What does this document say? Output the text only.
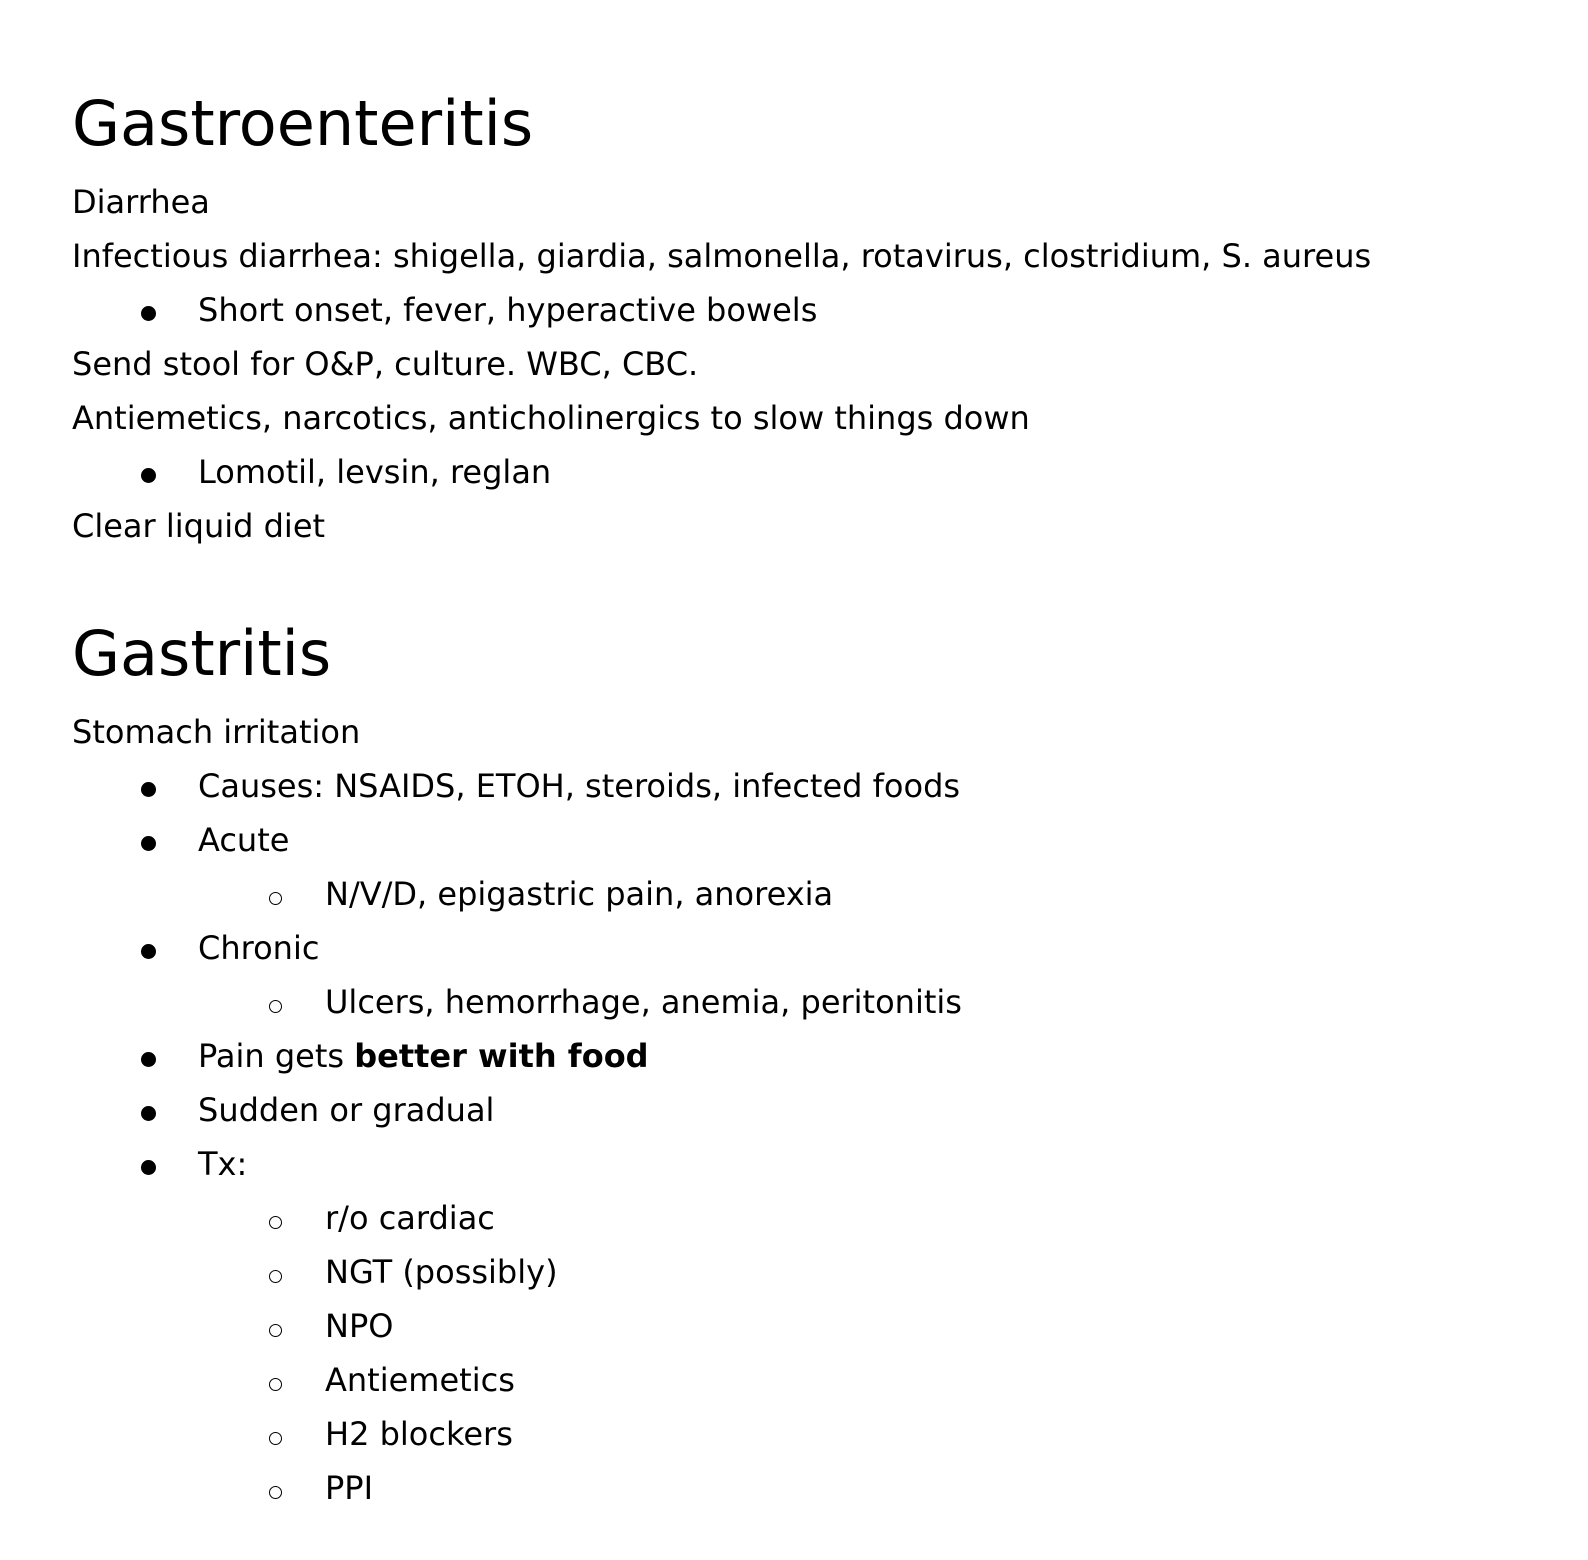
Gastroenteritis
Diarrhea
Infectious diarrhea: shigella, giardia, salmonella, rotavirus, clostridium, S. aureus
Short onset, fever, hyperactive bowels
Send stool for O&P, culture. WBC, CBC.
Antiemetics, narcotics, anticholinergics to slow things down
Lomotil, levsin, reglan
Clear liquid diet
Gastritis
Stomach irritation
Causes: NSAIDS, ETOH, steroids, infected foods
Acute
N/V/D, epigastric pain, anorexia
Chronic
Ulcers, hemorrhage, anemia, peritonitis
Pain gets better with food
Sudden or gradual
Tx:
r/o cardiac
NGT (possibly)
NPO
Antiemetics
H2 blockers
PPI
